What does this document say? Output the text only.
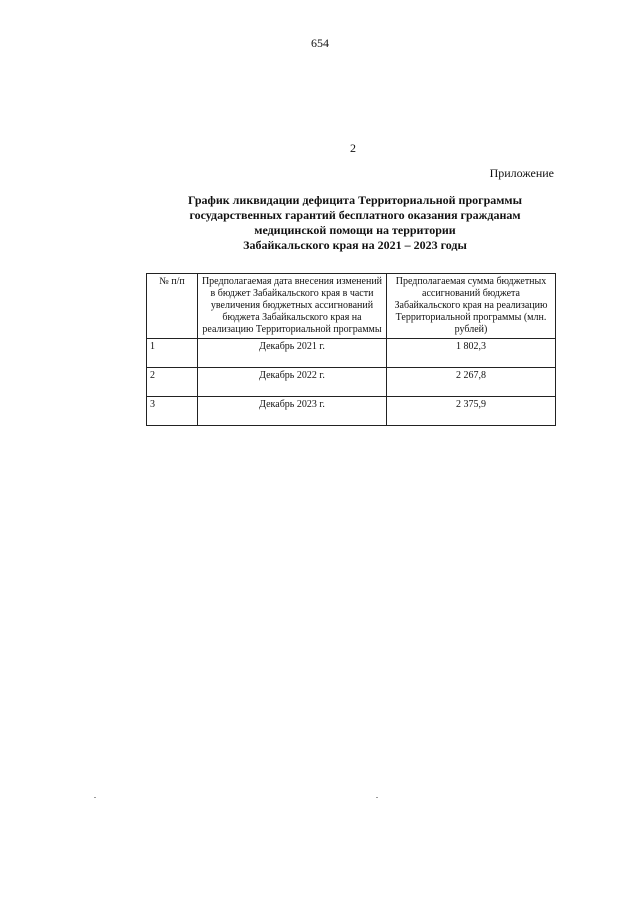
654
2
Приложение
График ликвидации дефицита Территориальной программы
государственных гарантий бесплатного оказания гражданам
медицинской помощи на территории
Забайкальского края на 2021 – 2023 годы
№ п/п	Предполагаемая дата внесения изменений в бюджет Забайкальского края в части увеличения бюджетных ассигнований бюджета Забайкальского края на реализацию Территориальной программы	Предполагаемая сумма бюджетных ассигнований бюджета Забайкальского края на реализацию Территориальной программы (млн. рублей)
1	Декабрь 2021 г.	1 802,3
2	Декабрь 2022 г.	2 267,8
3	Декабрь 2023 г.	2 375,9
